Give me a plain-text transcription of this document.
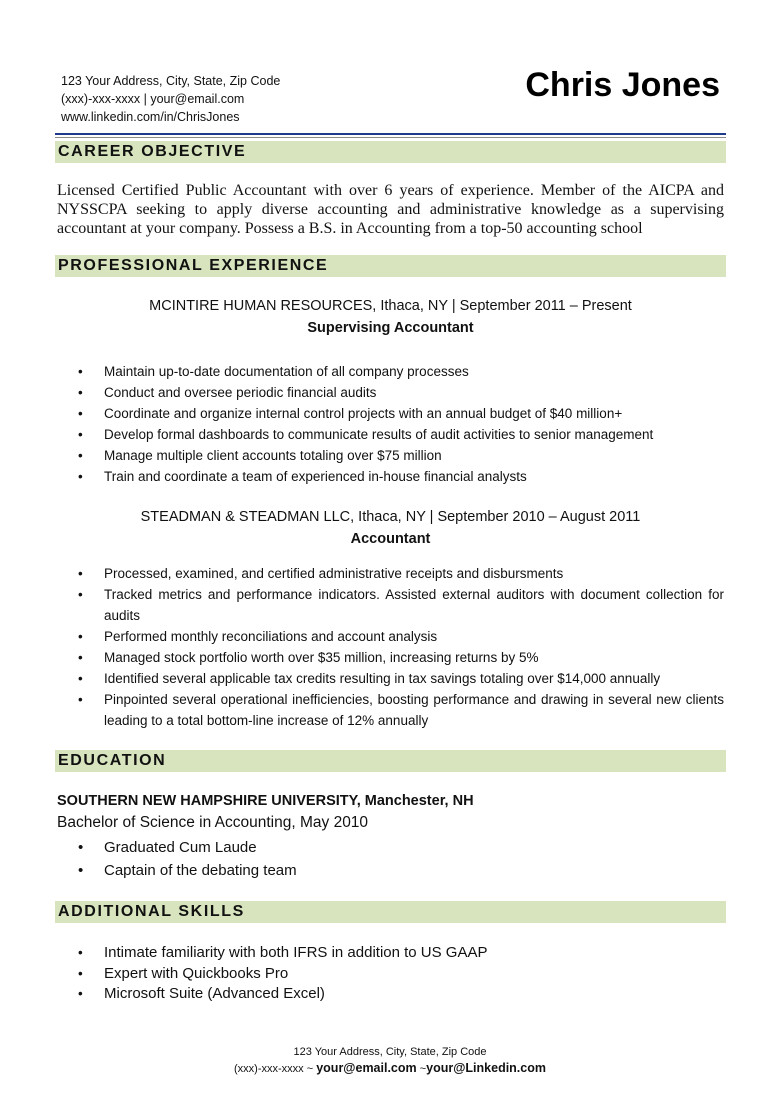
123 Your Address, City, State, Zip Code
(xxx)-xxx-xxxx | your@email.com
www.linkedin.com/in/ChrisJones
Chris Jones
CAREER OBJECTIVE
Licensed Certified Public Accountant with over 6 years of experience. Member of the AICPA and NYSSCPA seeking to apply diverse accounting and administrative knowledge as a supervising accountant at your company. Possess a B.S. in Accounting from a top-50 accounting school
PROFESSIONAL EXPERIENCE
MCINTIRE HUMAN RESOURCES, Ithaca, NY | September 2011 – Present
Supervising Accountant
• Maintain up-to-date documentation of all company processes
• Conduct and oversee periodic financial audits
• Coordinate and organize internal control projects with an annual budget of $40 million+
• Develop formal dashboards to communicate results of audit activities to senior management
• Manage multiple client accounts totaling over $75 million
• Train and coordinate a team of experienced in-house financial analysts
STEADMAN & STEADMAN LLC, Ithaca, NY | September 2010 – August 2011
Accountant
• Processed, examined, and certified administrative receipts and disbursments
• Tracked metrics and performance indicators. Assisted external auditors with document collection for audits
• Performed monthly reconciliations and account analysis
• Managed stock portfolio worth over $35 million, increasing returns by 5%
• Identified several applicable tax credits resulting in tax savings totaling over $14,000 annually
• Pinpointed several operational inefficiencies, boosting performance and drawing in several new clients leading to a total bottom-line increase of 12% annually
EDUCATION
SOUTHERN NEW HAMPSHIRE UNIVERSITY, Manchester, NH
Bachelor of Science in Accounting, May 2010
• Graduated Cum Laude
• Captain of the debating team
ADDITIONAL SKILLS
• Intimate familiarity with both IFRS in addition to US GAAP
• Expert with Quickbooks Pro
• Microsoft Suite (Advanced Excel)
123 Your Address, City, State, Zip Code
(xxx)-xxx-xxxx ~ your@email.com ~your@Linkedin.com
